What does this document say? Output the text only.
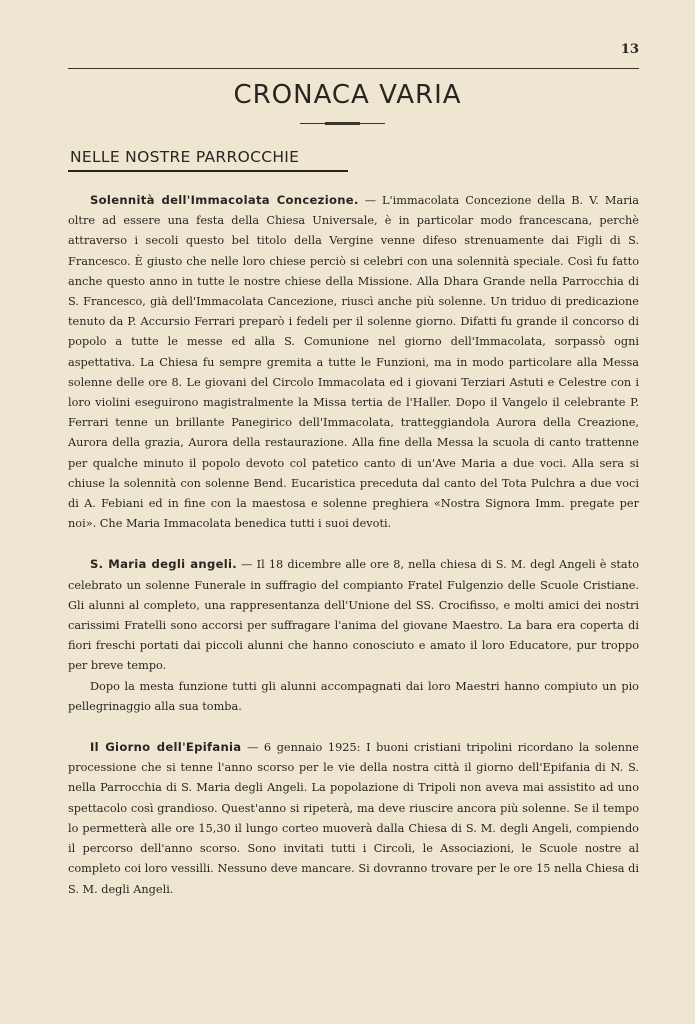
13
CRONACA VARIA
NELLE NOSTRE PARROCCHIE

Solennità dell'Immacolata Concezione. — L'immacolata Concezione della B. V. Maria oltre ad essere una festa della Chiesa Universale, è in particolar modo francescana, perchè attraverso i secoli questo bel titolo della Vergine venne difeso strenuamente dai Figli di S. Francesco. È giusto che nelle loro chiese perciò si celebri con una solennità speciale. Così fu fatto anche questo anno in tutte le nostre chiese della Missione. Alla Dhara Grande nella Parrocchia di S. Francesco, già dell'Immacolata Cancezione, riuscì anche più solenne. Un triduo di predicazione tenuto da P. Accursio Ferrari preparò i fedeli per il solenne giorno. Difatti fu grande il concorso di popolo a tutte le messe ed alla S. Comunione nel giorno dell'Immacolata, sorpassò ogni aspettativa. La Chiesa fu sempre gremita a tutte le Funzioni, ma in modo particolare alla Messa solenne delle ore 8. Le giovani del Circolo Immacolata ed i giovani Terziari Astuti e Celestre con i loro violini eseguirono magistralmente la Missa tertia de l'Haller. Dopo il Vangelo il celebrante P. Ferrari tenne un brillante Panegirico dell'Immacolata, tratteggiandola Aurora della Creazione, Aurora della grazia, Aurora della restaurazione. Alla fine della Messa la scuola di canto trattenne per qualche minuto il popolo devoto col patetico canto di un'Ave Maria a due voci. Alla sera si chiuse la solennità con solenne Bend. Eucaristica preceduta dal canto del Tota Pulchra a due voci di A. Febiani ed in fine con la maestosa e solenne preghiera «Nostra Signora Imm. pregate per noi». Che Maria Immacolata benedica tutti i suoi devoti.

S. Maria degli angeli. — Il 18 dicembre alle ore 8, nella chiesa di S. M. degl Angeli è stato celebrato un solenne Funerale in suffragio del compianto Fratel Fulgenzio delle Scuole Cristiane. Gli alunni al completo, una rappresentanza dell'Unione del SS. Crocifisso, e molti amici dei nostri carissimi Fratelli sono accorsi per suffragare l'anima del giovane Maestro. La bara era coperta di fiori freschi portati dai piccoli alunni che hanno conosciuto e amato il loro Educatore, pur troppo per breve tempo.

Dopo la mesta funzione tutti gli alunni accompagnati dai loro Maestri hanno compiuto un pio pellegrinaggio alla sua tomba.

Il Giorno dell'Epifania — 6 gennaio 1925: I buoni cristiani tripolini ricordano la solenne processione che si tenne l'anno scorso per le vie della nostra città il giorno dell'Epifania di N. S. nella Parrocchia di S. Maria degli Angeli. La popolazione di Tripoli non aveva mai assistito ad uno spettacolo così grandioso. Quest'anno si ripeterà, ma deve riuscire ancora più solenne. Se il tempo lo permetterà alle ore 15,30 il lungo corteo muoverà dalla Chiesa di S. M. degli Angeli, compiendo il percorso dell'anno scorso. Sono invitati tutti i Circoli, le Associazioni, le Scuole nostre al completo coi loro vessilli. Nessuno deve mancare. Si dovranno trovare per le ore 15 nella Chiesa di S. M. degli Angeli.
